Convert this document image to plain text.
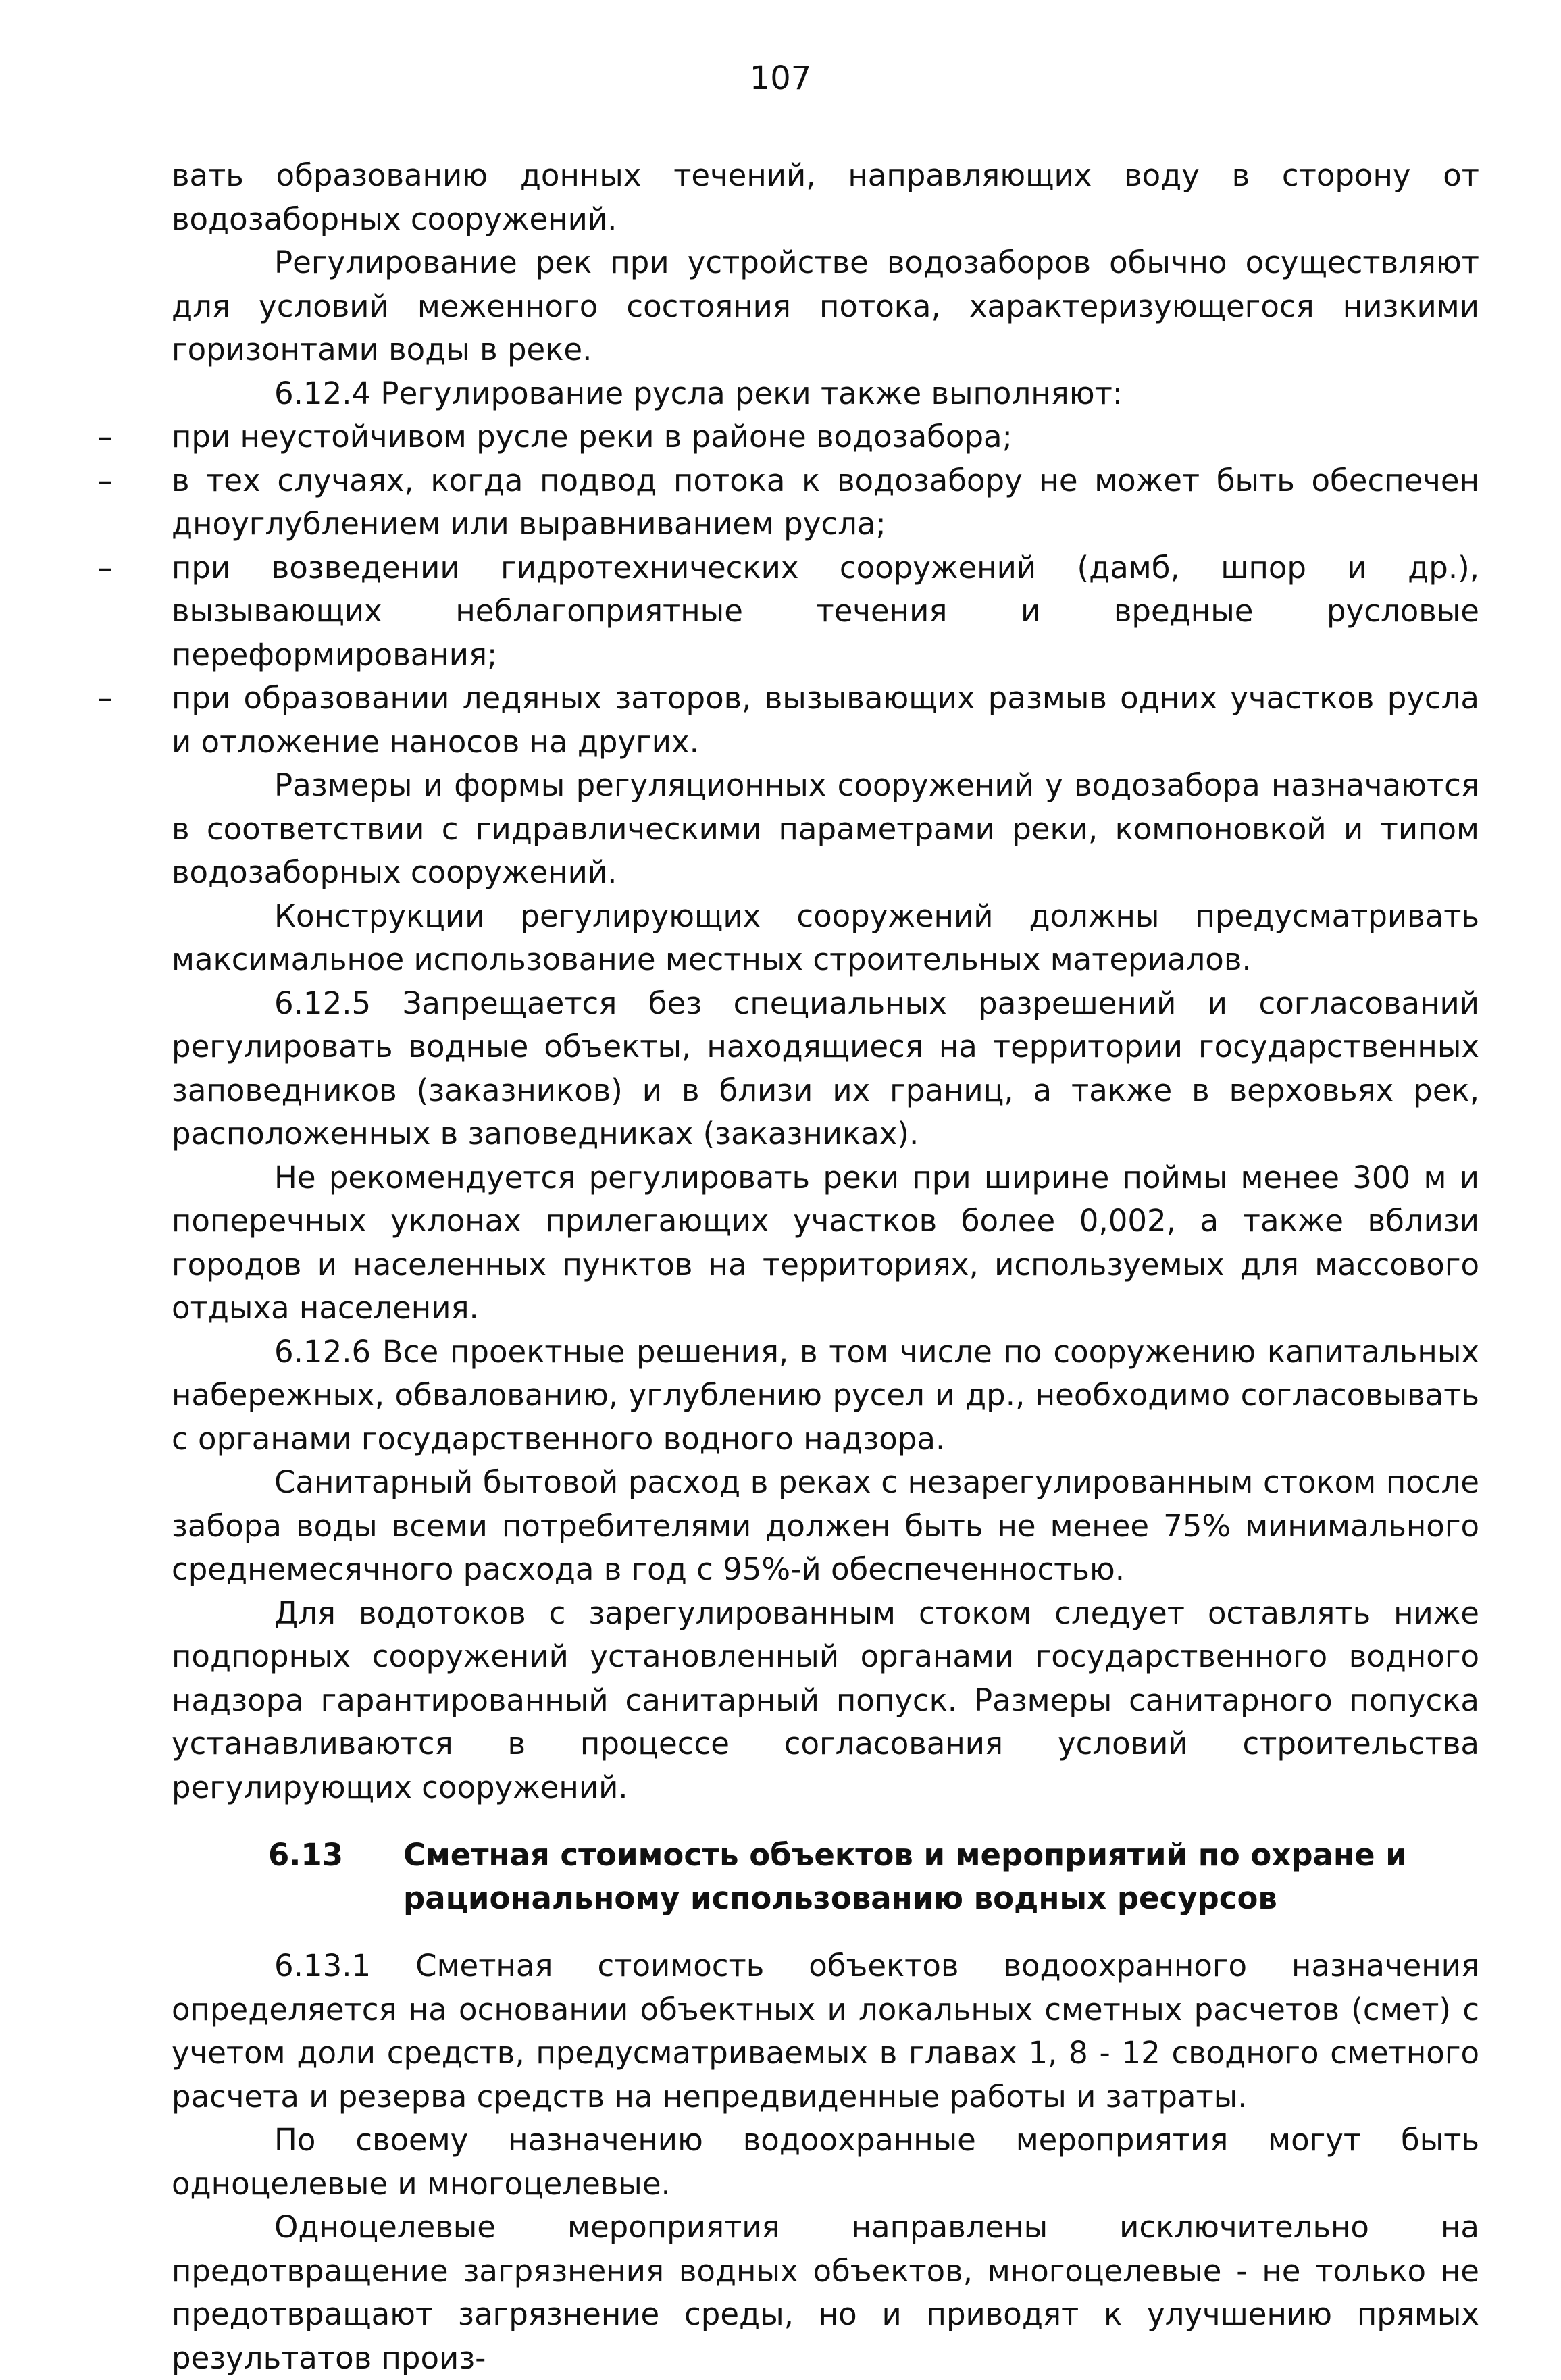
107

вать образованию донных течений, направляющих воду в сторону от водозаборных сооружений.

Регулирование рек при устройстве водозаборов обычно осуществляют для условий меженного состояния потока, характеризующегося низкими горизонтами воды в реке.

6.12.4 Регулирование русла реки также выполняют:

– при неустойчивом русле реки в районе водозабора;

– в тех случаях, когда подвод потока к водозабору не может быть обеспечен дноуглублением или выравниванием русла;

– при возведении гидротехнических сооружений (дамб, шпор и др.), вызывающих неблагоприятные течения и вредные русловые переформирования;

– при образовании ледяных заторов, вызывающих размыв одних участков русла и отложение наносов на других.

Размеры и формы регуляционных сооружений у водозабора назначаются в соответствии с гидравлическими параметрами реки, компоновкой и типом водозаборных сооружений.

Конструкции регулирующих сооружений должны предусматривать максимальное использование местных строительных материалов.

6.12.5 Запрещается без специальных разрешений и согласований регулировать водные объекты, находящиеся на территории государственных заповедников (заказников) и в близи их границ, а также в верховьях рек, расположенных в заповедниках (заказниках).

Не рекомендуется регулировать реки при ширине поймы менее 300 м и поперечных уклонах прилегающих участков более 0,002, а также вблизи городов и населенных пунктов на территориях, используемых для массового отдыха населения.

6.12.6 Все проектные решения, в том числе по сооружению капитальных набережных, обвалованию, углублению русел и др., необходимо согласовывать с органами государственного водного надзора.

Санитарный бытовой расход в реках с незарегулированным стоком после забора воды всеми потребителями должен быть не менее 75% минимального среднемесячного расхода в год с 95%-й обеспеченностью.

Для водотоков с зарегулированным стоком следует оставлять ниже подпорных сооружений установленный органами государственного водного надзора гарантированный санитарный попуск. Размеры санитарного попуска устанавливаются в процессе согласования условий строительства регулирующих сооружений.

6.13	Сметная стоимость объектов и мероприятий по охране и рациональному использованию водных ресурсов

6.13.1 Сметная стоимость объектов водоохранного назначения определяется на основании объектных и локальных сметных расчетов (смет) с учетом доли средств, предусматриваемых в главах 1, 8 - 12 сводного сметного расчета и резерва средств на непредвиденные работы и затраты.

По своему назначению водоохранные мероприятия могут быть одноцелевые и многоцелевые.

Одноцелевые мероприятия направлены исключительно на предотвращение загрязнения водных объектов, многоцелевые - не только не предотвращают загрязнение среды, но и приводят к улучшению прямых результатов произ-
